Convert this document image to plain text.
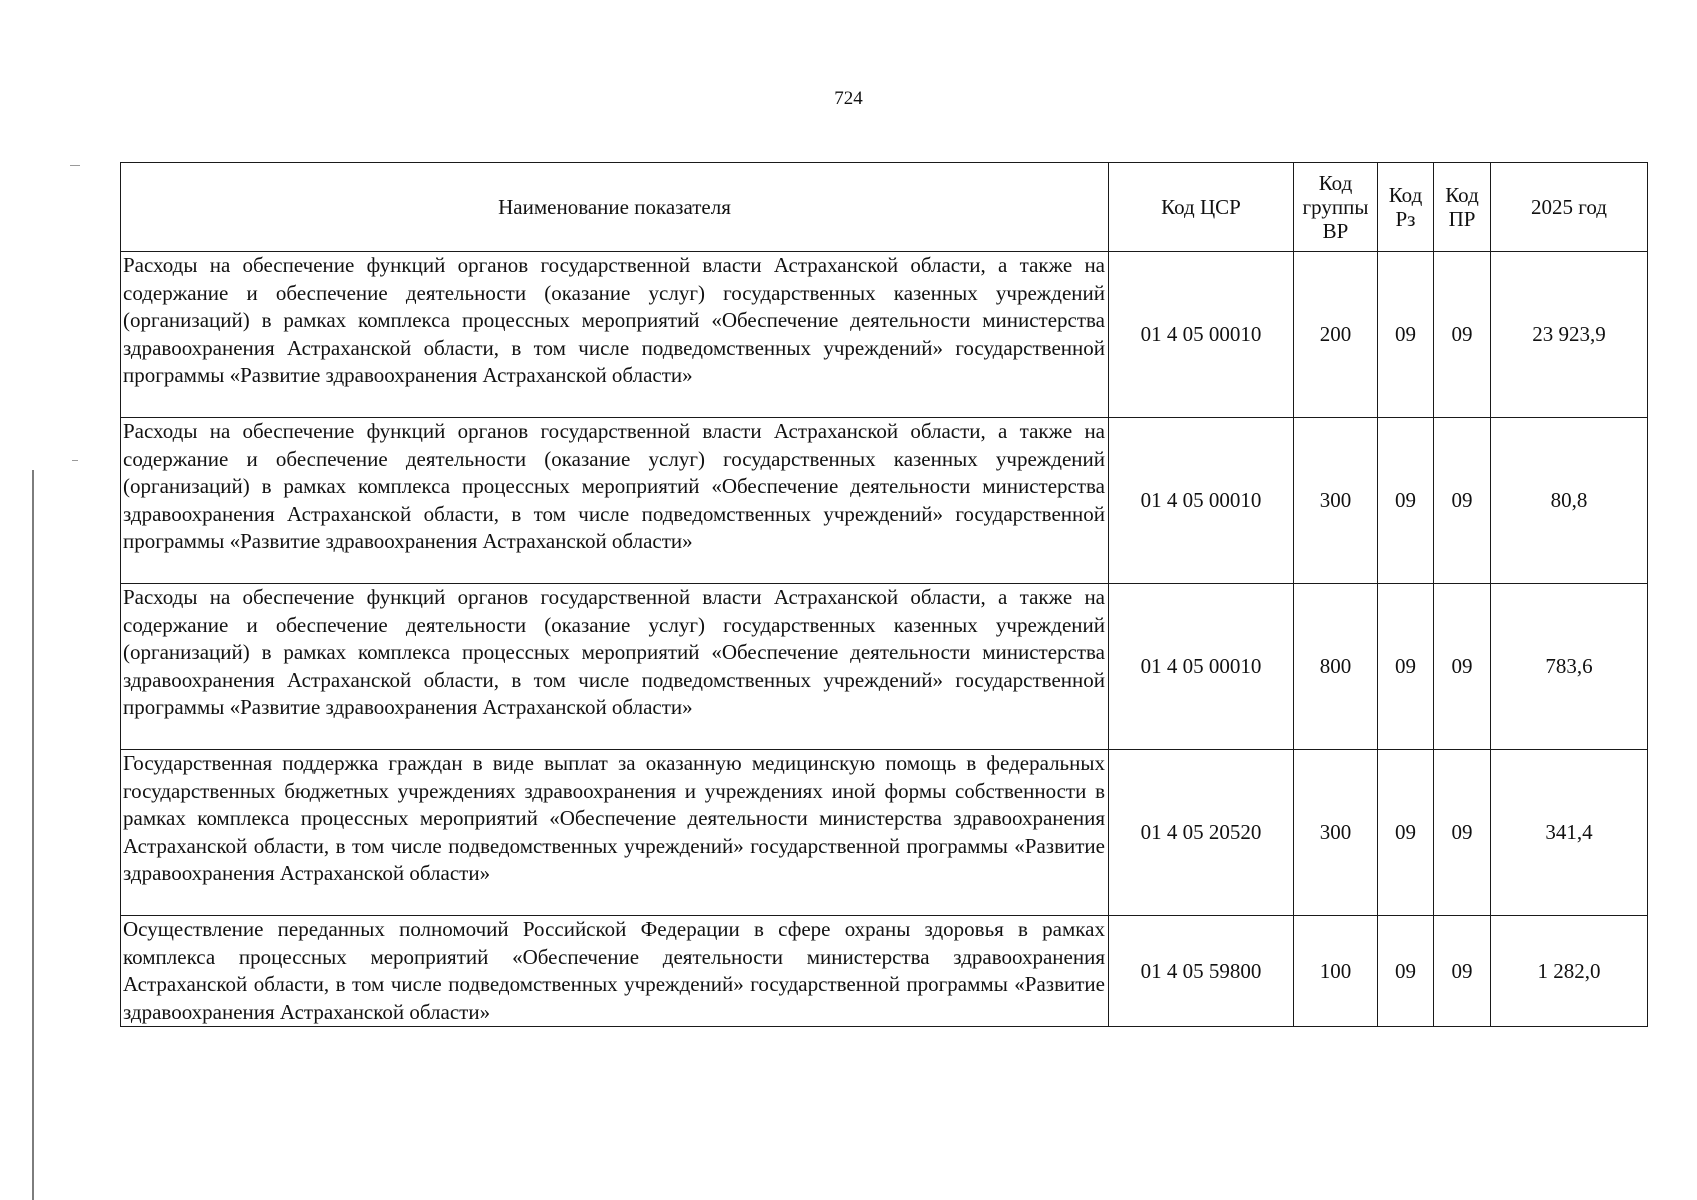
724
Наименование показателя	Код ЦСР	Код группы ВР	Код Рз	Код ПР	2025 год
Расходы на обеспечение функций органов государственной власти Астраханской области, а также на содержание и обеспечение деятельности (оказание услуг) государственных казенных учреждений (организаций) в рамках комплекса процессных мероприятий «Обеспечение деятельности министерства здравоохранения Астраханской области, в том числе подведомственных учреждений» государственной программы «Развитие здравоохранения Астраханской области»	01 4 05 00010	200	09	09	23 923,9
Расходы на обеспечение функций органов государственной власти Астраханской области, а также на содержание и обеспечение деятельности (оказание услуг) государственных казенных учреждений (организаций) в рамках комплекса процессных мероприятий «Обеспечение деятельности министерства здравоохранения Астраханской области, в том числе подведомственных учреждений» государственной программы «Развитие здравоохранения Астраханской области»	01 4 05 00010	300	09	09	80,8
Расходы на обеспечение функций органов государственной власти Астраханской области, а также на содержание и обеспечение деятельности (оказание услуг) государственных казенных учреждений (организаций) в рамках комплекса процессных мероприятий «Обеспечение деятельности министерства здравоохранения Астраханской области, в том числе подведомственных учреждений» государственной программы «Развитие здравоохранения Астраханской области»	01 4 05 00010	800	09	09	783,6
Государственная поддержка граждан в виде выплат за оказанную медицинскую помощь в федеральных государственных бюджетных учреждениях здравоохранения и учреждениях иной формы собственности в рамках комплекса процессных мероприятий «Обеспечение деятельности министерства здравоохранения Астраханской области, в том числе подведомственных учреждений» государственной программы «Развитие здравоохранения Астраханской области»	01 4 05 20520	300	09	09	341,4
Осуществление переданных полномочий Российской Федерации в сфере охраны здоровья в рамках комплекса процессных мероприятий «Обеспечение деятельности министерства здравоохранения Астраханской области, в том числе подведомственных учреждений» государственной программы «Развитие здравоохранения Астраханской области»	01 4 05 59800	100	09	09	1 282,0
